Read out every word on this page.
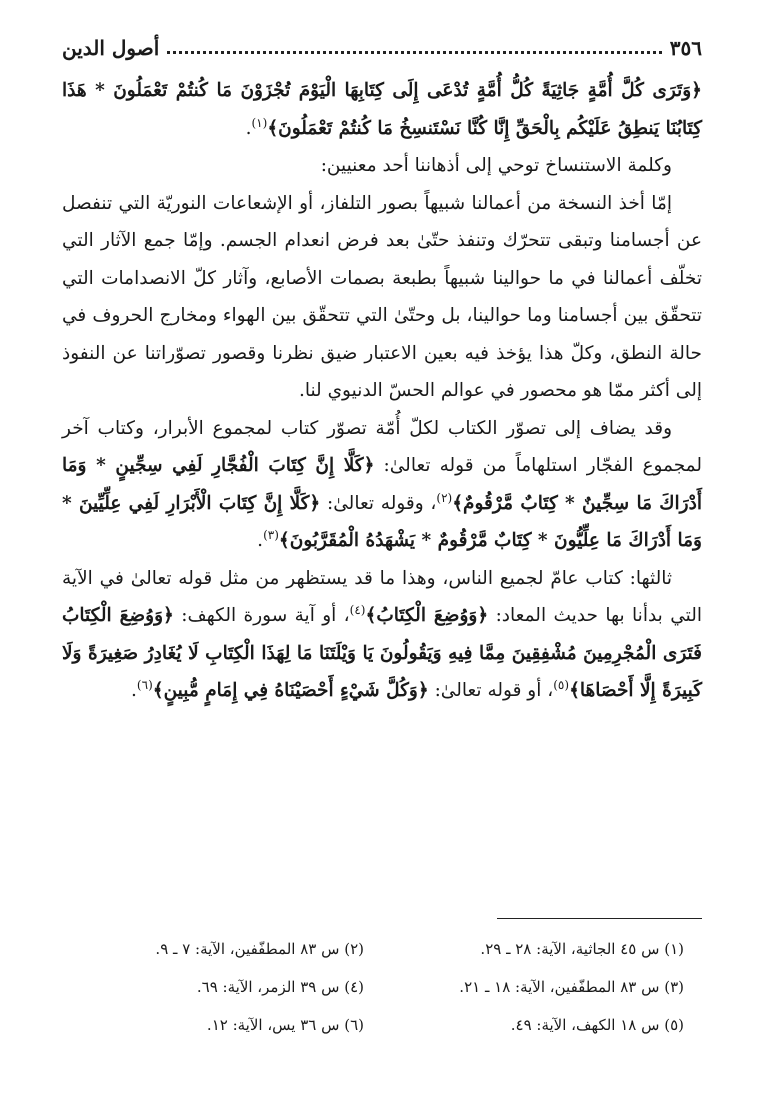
٣٥٦
أصول الدين

﴿وَتَرَى كُلَّ أُمَّةٍ جَاثِيَةً كُلُّ أُمَّةٍ تُدْعَى إِلَى كِتَابِهَا الْيَوْمَ تُجْزَوْنَ مَا كُنتُمْ تَعْمَلُونَ * هَذَا كِتَابُنَا يَنطِقُ عَلَيْكُم بِالْحَقِّ إِنَّا كُنَّا نَسْتَنسِخُ مَا كُنتُمْ تَعْمَلُونَ﴾$^{(١)}$.

وكلمة الاستنساخ توحي إلى أذهاننا أحد معنيين:

إمّا أخذ النسخة من أعمالنا شبيهاً بصور التلفاز، أو الإشعاعات النوريّة التي تنفصل عن أجسامنا وتبقى تتحرّك وتنفذ حتّىٰ بعد فرض انعدام الجسم. وإمّا جمع الآثار التي تخلّف أعمالنا في ما حوالينا شبيهاً بطبعة بصمات الأصابع، وآثار كلّ الانصدامات التي تتحقّق بين أجسامنا وما حوالينا، بل وحتّىٰ التي تتحقّق بين الهواء ومخارج الحروف في حالة النطق، وكلّ هذا يؤخذ فيه بعين الاعتبار ضيق نظرنا وقصور تصوّراتنا عن النفوذ إلى أكثر ممّا هو محصور في عوالم الحسّ الدنيوي لنا.

وقد يضاف إلى تصوّر الكتاب لكلّ أُمّة تصوّر كتاب لمجموع الأبرار، وكتاب آخر لمجموع الفجّار استلهاماً من قوله تعالىٰ: ﴿كَلَّا إِنَّ كِتَابَ الْفُجَّارِ لَفِي سِجِّينٍ * وَمَا أَدْرَاكَ مَا سِجِّينٌ * كِتَابٌ مَّرْقُومٌ﴾$^{(٢)}$، وقوله تعالىٰ: ﴿كَلَّا إِنَّ كِتَابَ الْأَبْرَارِ لَفِي عِلِّيِّينَ * وَمَا أَدْرَاكَ مَا عِلِّيُّونَ * كِتَابٌ مَّرْقُومٌ * يَشْهَدُهُ الْمُقَرَّبُونَ﴾$^{(٣)}$.

ثالثها: كتاب عامّ لجميع الناس، وهذا ما قد يستظهر من مثل قوله تعالىٰ في الآية التي بدأنا بها حديث المعاد: ﴿وَوُضِعَ الْكِتَابُ﴾$^{(٤)}$، أو آية سورة الكهف: ﴿وَوُضِعَ الْكِتَابُ فَتَرَى الْمُجْرِمِينَ مُشْفِقِينَ مِمَّا فِيهِ وَيَقُولُونَ يَا وَيْلَتَنَا مَا لِهَذَا الْكِتَابِ لَا يُغَادِرُ صَغِيرَةً وَلَا كَبِيرَةً إِلَّا أَحْصَاهَا﴾$^{(٥)}$، أو قوله تعالىٰ: ﴿وَكُلَّ شَيْءٍ أَحْصَيْنَاهُ فِي إِمَامٍ مُّبِينٍ﴾$^{(٦)}$.

(١) س ٤٥ الجاثية، الآية: ٢٨ ـ ٢٩.
(٢) س ٨٣ المطفّفين، الآية: ٧ ـ ٩.
(٣) س ٨٣ المطفّفين، الآية: ١٨ ـ ٢١.
(٤) س ٣٩ الزمر، الآية: ٦٩.
(٥) س ١٨ الكهف، الآية: ٤٩.
(٦) س ٣٦ يس، الآية: ١٢.
